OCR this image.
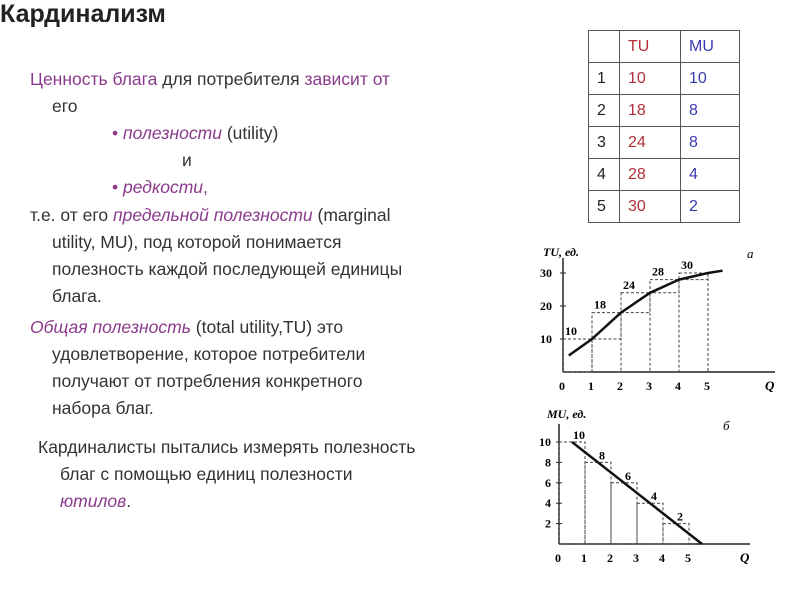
Кардинализм
Ценность блага для потребителя зависит от
его
• полезности (utility)
и
• редкости,
т.е. от его предельной полезности (marginal
utility, MU), под которой понимается
полезность каждой последующей единицы
блага.
Общая полезность (total utility,TU) это
удовлетворение, которое потребители
получают от потребления конкретного
набора благ.
Кардиналисты пытались измерять полезность
благ с помощью единиц полезности
ютилов.
	TU	MU
1	10	10
2	18	8
3	24	8
4	28	4
5	30	2
TU, ед.
Q
а
0 1 2 3 4 5
10
20
30
10
18
24
28 30
MU, ед.
Q
б
0 1 2 3 4 5
2
4
6
8
10 10
8
6
4
2
